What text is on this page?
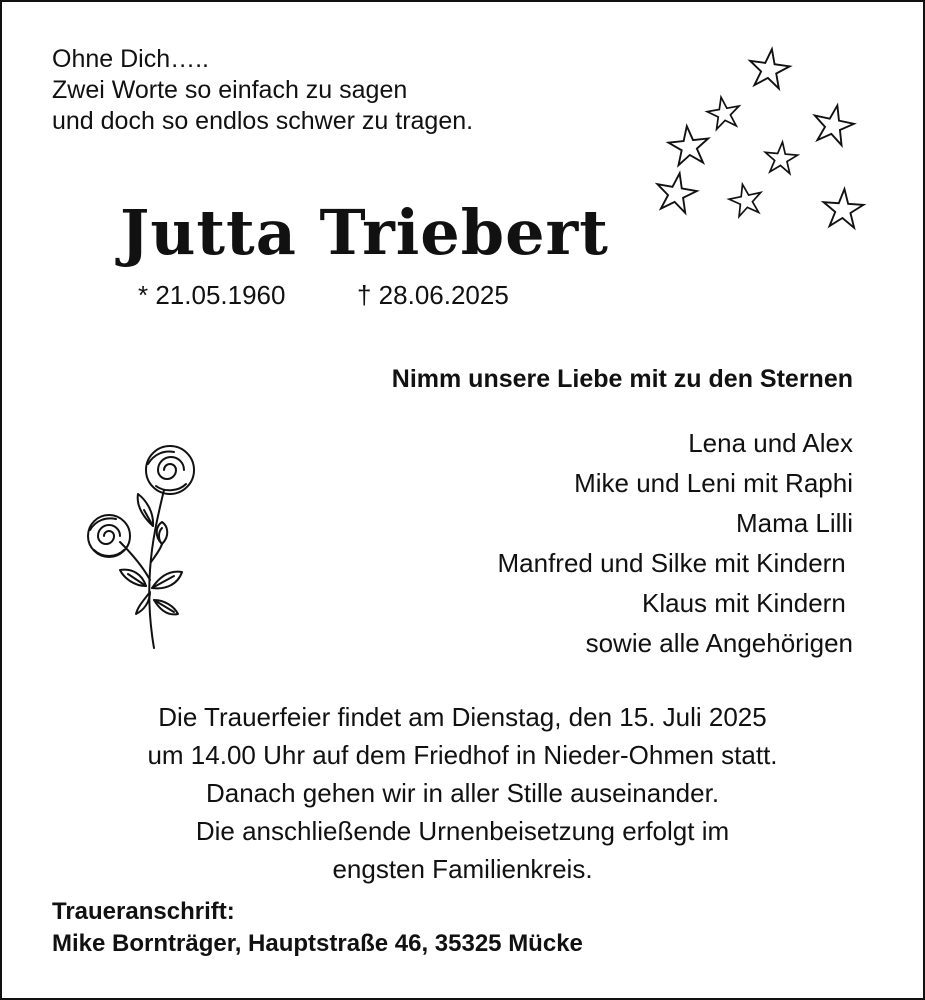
Ohne Dich…..
Zwei Worte so einfach zu sagen
und doch so endlos schwer zu tragen.
Jutta Triebert
* 21.05.1960	† 28.06.2025
Nimm unsere Liebe mit zu den Sternen
Lena und Alex
Mike und Leni mit Raphi
Mama Lilli
Manfred und Silke mit Kindern
Klaus mit Kindern
sowie alle Angehörigen
Die Trauerfeier findet am Dienstag, den 15. Juli 2025
um 14.00 Uhr auf dem Friedhof in Nieder-Ohmen statt.
Danach gehen wir in aller Stille auseinander.
Die anschließende Urnenbeisetzung erfolgt im
engsten Familienkreis.
Traueranschrift:
Mike Bornträger, Hauptstraße 46, 35325 Mücke
